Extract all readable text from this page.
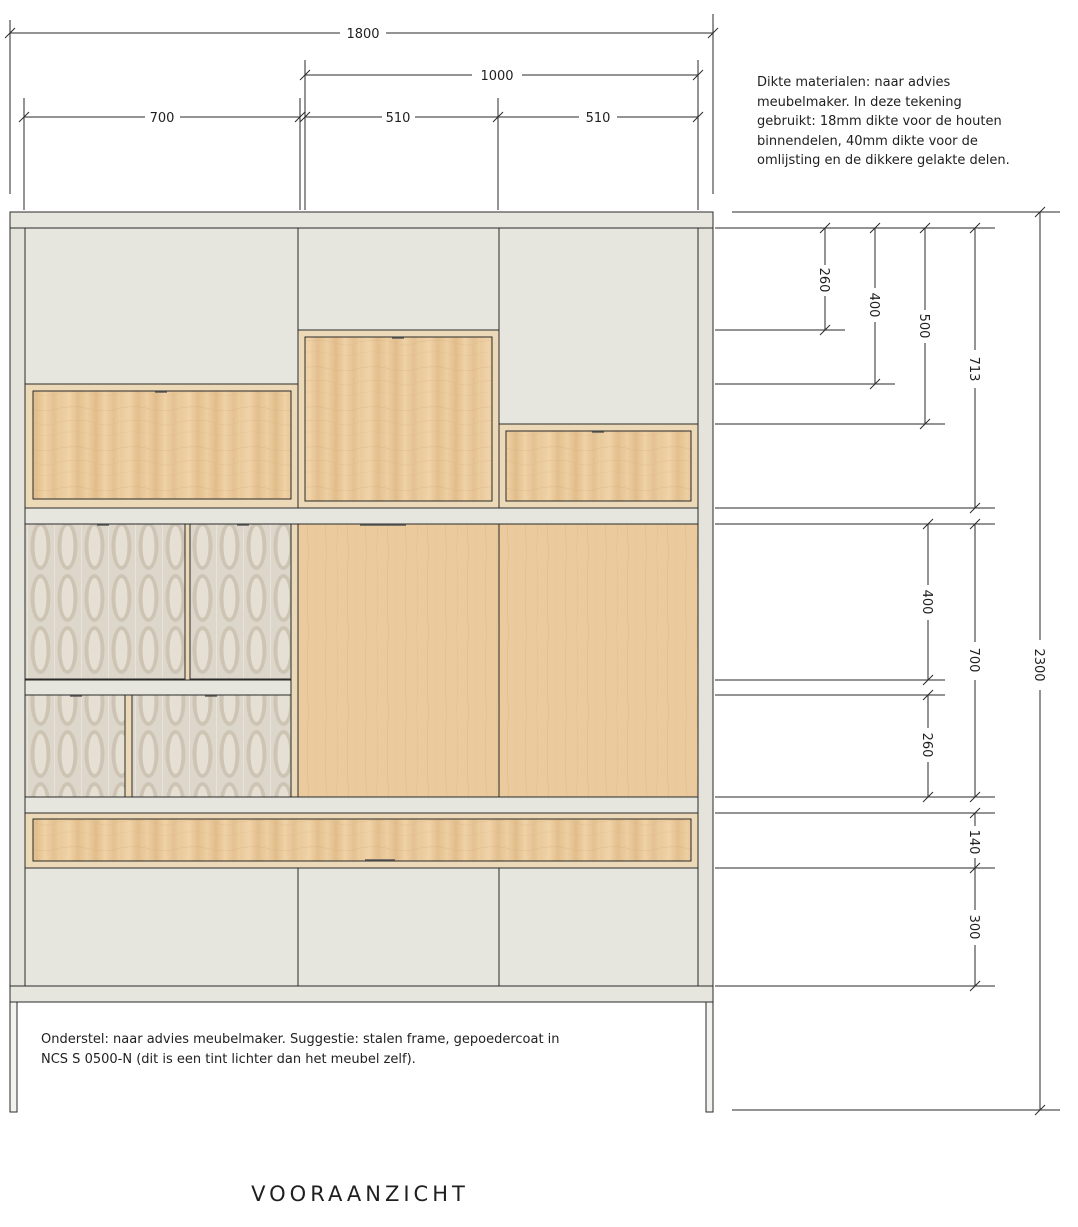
1800
1000
700	510	510
260
400
500
713
400
260
700
140
300
2300
Dikte materialen: naar advies
meubelmaker. In deze tekening
gebruikt: 18mm dikte voor de houten
binnendelen, 40mm dikte voor de
omlijsting en de dikkere gelakte delen.
Onderstel: naar advies meubelmaker. Suggestie: stalen frame, gepoedercoat in
NCS S 0500-N (dit is een tint lichter dan het meubel zelf).
VOORAANZICHT
